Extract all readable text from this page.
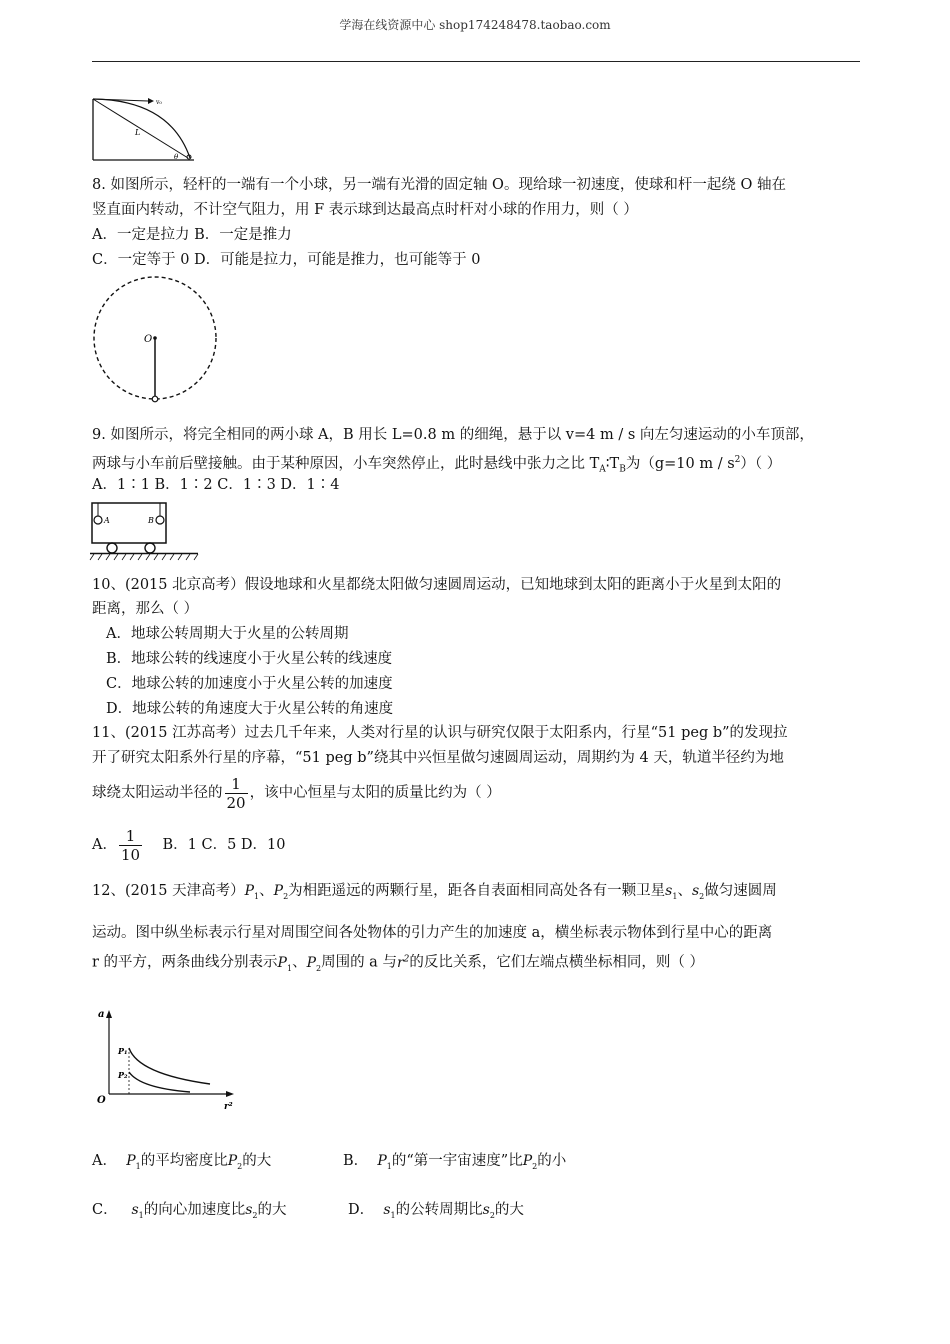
学海在线资源中心 shop174248478.taobao.com
v₀
L
θ
8. 如图所示，轻杆的一端有一个小球，另一端有光滑的固定轴 O。现给球一初速度，使球和杆一起绕 O 轴在
竖直面内转动，不计空气阻力，用 F 表示球到达最高点时杆对小球的作用力，则（ ）
A．一定是拉力 B．一定是推力
C．一定等于 0 D．可能是拉力，可能是推力，也可能等于 0
O
9. 如图所示，将完全相同的两小球 A，B 用长 L=0.8 m 的细绳，悬于以 v=4 m / s 向左匀速运动的小车顶部，
两球与小车前后壁接触。由于某种原因，小车突然停止，此时悬线中张力之比 $T_A∶T_B$为（g=10 m / $s^2$）（ ）
A．1∶1 B．1∶2 C．1∶3 D．1∶4
A	B
10、(2015 北京高考）假设地球和火星都绕太阳做匀速圆周运动，已知地球到太阳的距离小于火星到太阳的
距离，那么（ ）
A．地球公转周期大于火星的公转周期
B．地球公转的线速度小于火星公转的线速度
C．地球公转的加速度小于火星公转的加速度
D．地球公转的角速度大于火星公转的角速度
11、(2015 江苏高考）过去几千年来，人类对行星的认识与研究仅限于太阳系内，行星“51 peg b”的发现拉
开了研究太阳系外行星的序幕，“51 peg b”绕其中兴恒星做匀速圆周运动，周期约为 4 天，轨道半径约为地
球绕太阳运动半径的 $\frac{1}{20}$ ，该中心恒星与太阳的质量比约为（ ）
A． $\frac{1}{10}$ B．1 C．5 D．10
12、(2015 天津高考）$P_1$、$P_2$为相距遥远的两颗行星，距各自表面相同高处各有一颗卫星$s_1$、$s_2$做匀速圆周
运动。图中纵坐标表示行星对周围空间各处物体的引力产生的加速度 a，横坐标表示物体到行星中心的距离
r 的平方，两条曲线分别表示$P_1$、$P_2$周围的 a 与$r^2$的反比关系，它们左端点横坐标相同，则（ ）
a
O
r²
P₁
P₂
A． $P_1$的平均密度比$P_2$的大	B． $P_1$的“第一宇宙速度”比$P_2$的小
C． $s_1$的向心加速度比$s_2$的大	D． $s_1$的公转周期比$s_2$的大
